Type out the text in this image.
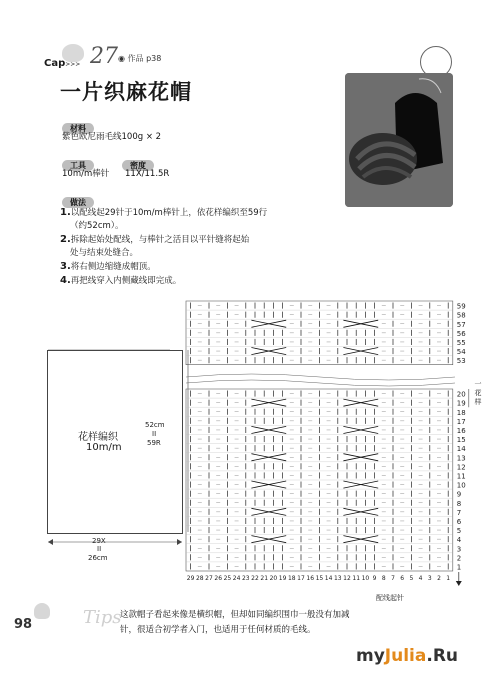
Cap>>> 27 ◉ 作品 p38
一片织麻花帽
材料
紫色欧尼雨毛线100g × 2
工具	密度
10m/m棒针 11X/11.5R
做法
1.以配线起29针于10m/m棒针上，依花样编织至59行
（约52cm）。
2.拆除起始处配线，与棒针之活目以平针缝将起始
处与结束处缝合。
3.将右侧边缩缝成帽顶。
4.再把线穿入内侧藏线即完成。
花样编织
10m/m
52cm
II
59R
29X
II
26cm
59
58
57
56
55
54
53
20
19
18
17
16
15
14
13
12
11
10
9
8
7
6
5
4
3
2
1
29 28 27 26 25 24 23 22 21 20 19 18 17 16 15 14 13 12 11 10 9 8 7 6 5 4 3 2 1
配线起针
一花样
98	Tips
这款帽子看起来像是横织帽，但却如同编织围巾一般没有加减
针，很适合初学者入门，也适用于任何材质的毛线。
myJulia.Ru
